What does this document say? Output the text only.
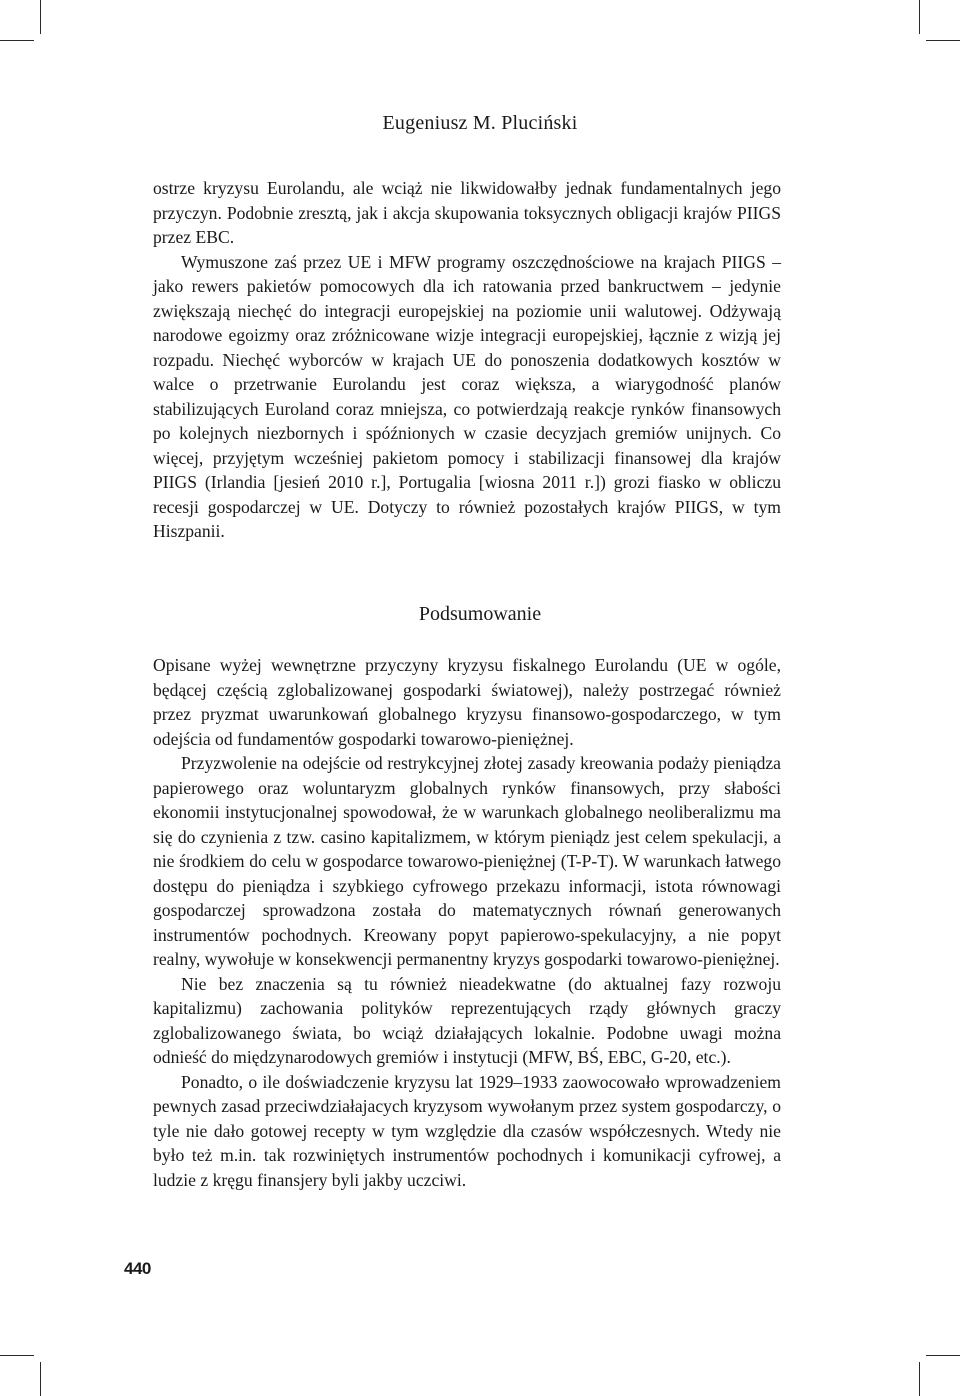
Eugeniusz M. Pluciński

ostrze kryzysu Eurolandu, ale wciąż nie likwidowałby jednak fundamentalnych jego przyczyn. Podobnie zresztą, jak i akcja skupowania toksycznych obligacji krajów PIIGS przez EBC.

Wymuszone zaś przez UE i MFW programy oszczędnościowe na krajach PIIGS – jako rewers pakietów pomocowych dla ich ratowania przed bankructwem – jedynie zwiększają niechęć do integracji europejskiej na poziomie unii walutowej. Odżywają narodowe egoizmy oraz zróżnicowane wizje integracji europejskiej, łącznie z wizją jej rozpadu. Niechęć wyborców w krajach UE do ponoszenia dodatkowych kosztów w walce o przetrwanie Eurolandu jest coraz większa, a wiarygodność planów stabilizujących Euroland coraz mniejsza, co potwierdzają reakcje rynków finansowych po kolejnych niezbornych i spóźnionych w czasie decyzjach gremiów unijnych. Co więcej, przyjętym wcześniej pakietom pomocy i stabilizacji finansowej dla krajów PIIGS (Irlandia [jesień 2010 r.], Portugalia [wiosna 2011 r.]) grozi fiasko w obliczu recesji gospodarczej w UE. Dotyczy to również pozostałych krajów PIIGS, w tym Hiszpanii.

Podsumowanie

Opisane wyżej wewnętrzne przyczyny kryzysu fiskalnego Eurolandu (UE w ogóle, będącej częścią zglobalizowanej gospodarki światowej), należy postrzegać również przez pryzmat uwarunkowań globalnego kryzysu finansowo-gospodarczego, w tym odejścia od fundamentów gospodarki towarowo-pieniężnej.

Przyzwolenie na odejście od restrykcyjnej złotej zasady kreowania podaży pieniądza papierowego oraz woluntaryzm globalnych rynków finansowych, przy słabości ekonomii instytucjonalnej spowodował, że w warunkach globalnego neoliberalizmu ma się do czynienia z tzw. casino kapitalizmem, w którym pieniądz jest celem spekulacji, a nie środkiem do celu w gospodarce towarowo-pieniężnej (T-P-T). W warunkach łatwego dostępu do pieniądza i szybkiego cyfrowego przekazu informacji, istota równowagi gospodarczej sprowadzona została do matematycznych równań generowanych instrumentów pochodnych. Kreowany popyt papierowo-spekulacyjny, a nie popyt realny, wywołuje w konsekwencji permanentny kryzys gospodarki towarowo-pieniężnej.

Nie bez znaczenia są tu również nieadekwatne (do aktualnej fazy rozwoju kapitalizmu) zachowania polityków reprezentujących rządy głównych graczy zglobalizowanego świata, bo wciąż działających lokalnie. Podobne uwagi można odnieść do międzynarodowych gremiów i instytucji (MFW, BŚ, EBC, G-20, etc.).

Ponadto, o ile doświadczenie kryzysu lat 1929–1933 zaowocowało wprowadzeniem pewnych zasad przeciwdziałajacych kryzysom wywołanym przez system gospodarczy, o tyle nie dało gotowej recepty w tym względzie dla czasów współczesnych. Wtedy nie było też m.in. tak rozwiniętych instrumentów pochodnych i komunikacji cyfrowej, a ludzie z kręgu finansjery byli jakby uczciwi.

440
